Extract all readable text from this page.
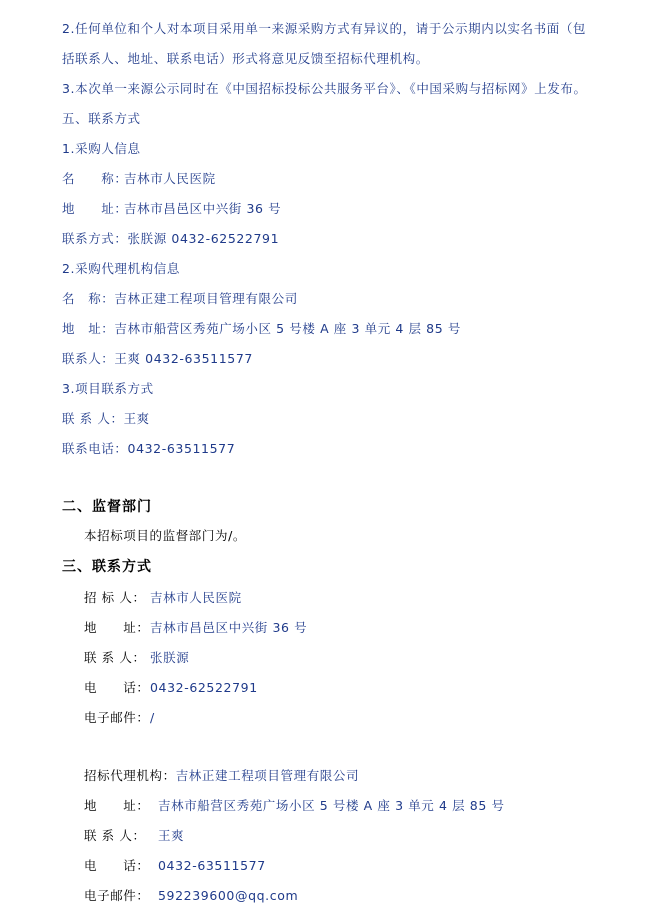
2.任何单位和个人对本项目采用单一来源采购方式有异议的，请于公示期内以实名书面（包
括联系人、地址、联系电话）形式将意见反馈至招标代理机构。
3.本次单一来源公示同时在《中国招标投标公共服务平台》、《中国采购与招标网》上发布。
五、联系方式
1.采购人信息
名　　称：吉林市人民医院
地　　址：吉林市昌邑区中兴街 36 号
联系方式：张朕源 0432-62522791
2.采购代理机构信息
名　称：吉林正建工程项目管理有限公司
地　址：吉林市船营区秀苑广场小区 5 号楼 A 座 3 单元 4 层 85 号
联系人：王爽 0432-63511577
3.项目联系方式
联 系 人：王爽
联系电话：0432-63511577
二、监督部门
本招标项目的监督部门为/。
三、联系方式
招 标 人： 吉林市人民医院
地　　址：吉林市昌邑区中兴街 36 号
联 系 人： 张朕源
电　　话：0432-62522791
电子邮件：/
招标代理机构：吉林正建工程项目管理有限公司
地　　址： 吉林市船营区秀苑广场小区 5 号楼 A 座 3 单元 4 层 85 号
联 系 人： 王爽
电　　话： 0432-63511577
电子邮件： 592239600@qq.com
